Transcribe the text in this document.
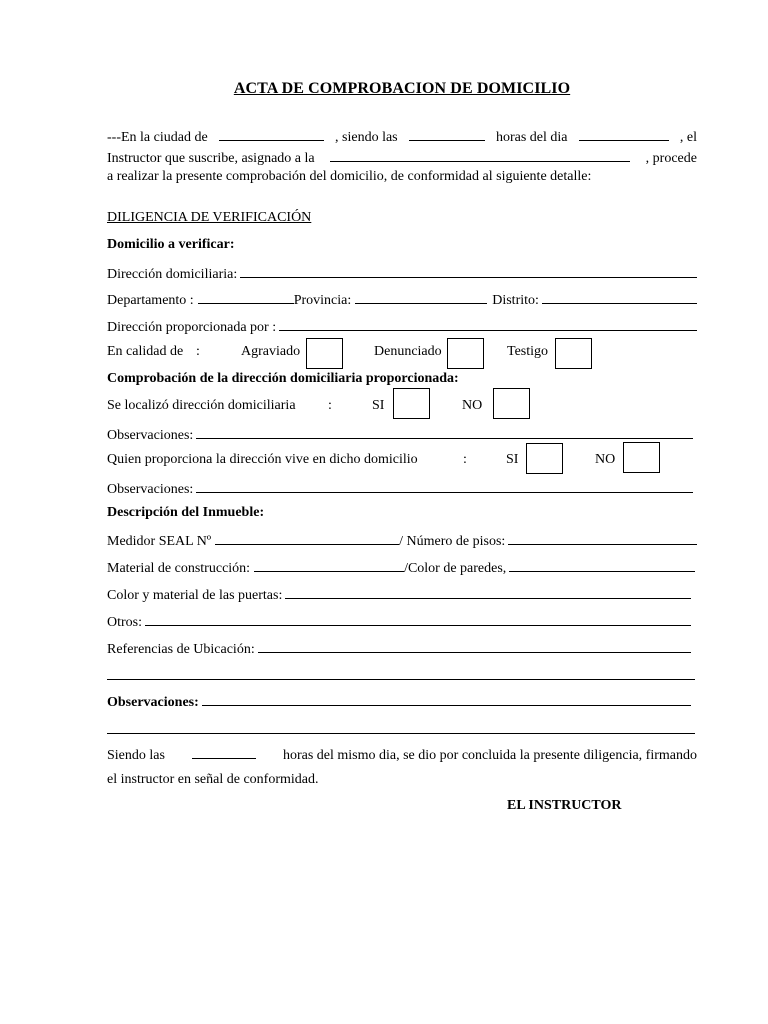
ACTA DE COMPROBACION DE DOMICILIO
---En la ciudad de	, siendo las	horas del dia	, el
Instructor que suscribe, asignado a la	, procede
a realizar la presente comprobación del domicilio, de conformidad al siguiente detalle:
DILIGENCIA DE VERIFICACIÓN
Domicilio a verificar:
Dirección domiciliaria:
Departamento :	Provincia:	Distrito:
Dirección proporcionada por :
En calidad de :	Agraviado	Denunciado	Testigo
Comprobación de la dirección domiciliaria proporcionada:
Se localizó dirección domiciliaria :	SI	NO
Observaciones:
Quien proporciona la dirección vive en dicho domicilio	:	SI	NO
Observaciones:
Descripción del Inmueble:
Medidor SEAL Nº	/ Número de pisos:
Material de construcción:	/Color de paredes,
Color y material de las puertas:
Otros:
Referencias de Ubicación:
Observaciones:
Siendo las	horas del mismo dia, se dio por concluida la presente diligencia, firmando
el instructor en señal de conformidad.
EL INSTRUCTOR
